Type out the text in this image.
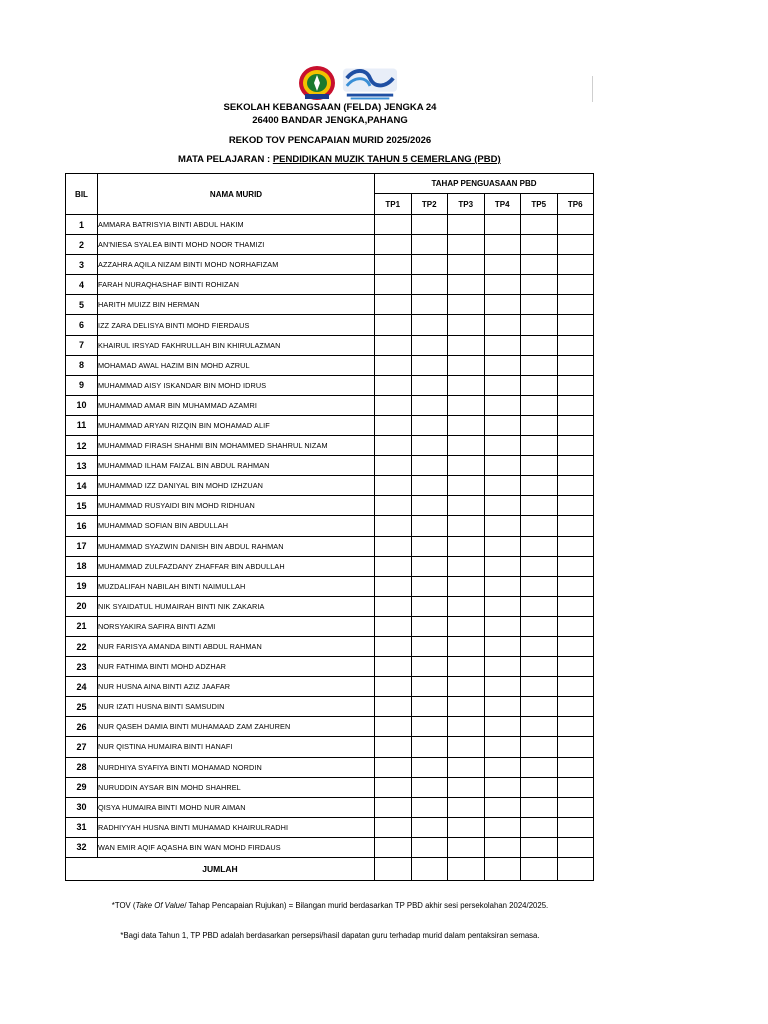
SEKOLAH KEBANGSAAN (FELDA) JENGKA 24
26400 BANDAR JENGKA,PAHANG
REKOD TOV PENCAPAIAN MURID 2025/2026
MATA PELAJARAN : PENDIDIKAN MUZIK TAHUN 5 CEMERLANG (PBD)
BIL	NAMA MURID	TAHAP PENGUASAAN PBD					
		TP1	TP2	TP3	TP4	TP5	TP6
1	AMMARA BATRISYIA BINTI ABDUL HAKIM						
2	AN'NIESA SYALEA BINTI MOHD NOOR THAMIZI						
3	AZZAHRA AQILA NIZAM BINTI MOHD NORHAFIZAM						
4	FARAH NURAQHASHAF BINTI ROHIZAN						
5	HARITH MUIZZ BIN HERMAN						
6	IZZ ZARA DELISYA BINTI MOHD FIERDAUS						
7	KHAIRUL IRSYAD FAKHRULLAH BIN KHIRULAZMAN						
8	MOHAMAD AWAL HAZIM BIN MOHD AZRUL						
9	MUHAMMAD AISY ISKANDAR BIN MOHD IDRUS						
10	MUHAMMAD AMAR BIN MUHAMMAD AZAMRI						
11	MUHAMMAD ARYAN RIZQIN BIN MOHAMAD ALIF						
12	MUHAMMAD FIRASH SHAHMI BIN MOHAMMED SHAHRUL NIZAM						
13	MUHAMMAD ILHAM FAIZAL BIN ABDUL RAHMAN						
14	MUHAMMAD IZZ DANIYAL BIN MOHD IZHZUAN						
15	MUHAMMAD RUSYAIDI BIN MOHD RIDHUAN						
16	MUHAMMAD SOFIAN BIN ABDULLAH						
17	MUHAMMAD SYAZWIN DANISH BIN ABDUL RAHMAN						
18	MUHAMMAD ZULFAZDANY ZHAFFAR BIN ABDULLAH						
19	MUZDALIFAH NABILAH BINTI NAIMULLAH						
20	NIK SYAIDATUL HUMAIRAH BINTI NIK ZAKARIA						
21	NORSYAKIRA SAFIRA BINTI AZMI						
22	NUR FARISYA AMANDA BINTI ABDUL RAHMAN						
23	NUR FATHIMA BINTI MOHD ADZHAR						
24	NUR HUSNA AINA BINTI AZIZ JAAFAR						
25	NUR IZATI HUSNA BINTI SAMSUDIN						
26	NUR QASEH DAMIA BINTI MUHAMAAD ZAM ZAHUREN						
27	NUR QISTINA HUMAIRA BINTI HANAFI						
28	NURDHIYA SYAFIYA BINTI MOHAMAD NORDIN						
29	NURUDDIN AYSAR BIN MOHD SHAHREL						
30	QISYA HUMAIRA BINTI MOHD NUR AIMAN						
31	RADHIYYAH HUSNA BINTI MUHAMAD KHAIRULRADHI						
32	WAN EMIR AQIF AQASHA BIN WAN MOHD FIRDAUS						
JUMLAH							
*TOV (Take Of Value/ Tahap Pencapaian Rujukan) = Bilangan murid berdasarkan TP PBD akhir sesi persekolahan 2024/2025.
*Bagi data Tahun 1, TP PBD adalah berdasarkan persepsi/hasil dapatan guru terhadap murid dalam pentaksiran semasa.
